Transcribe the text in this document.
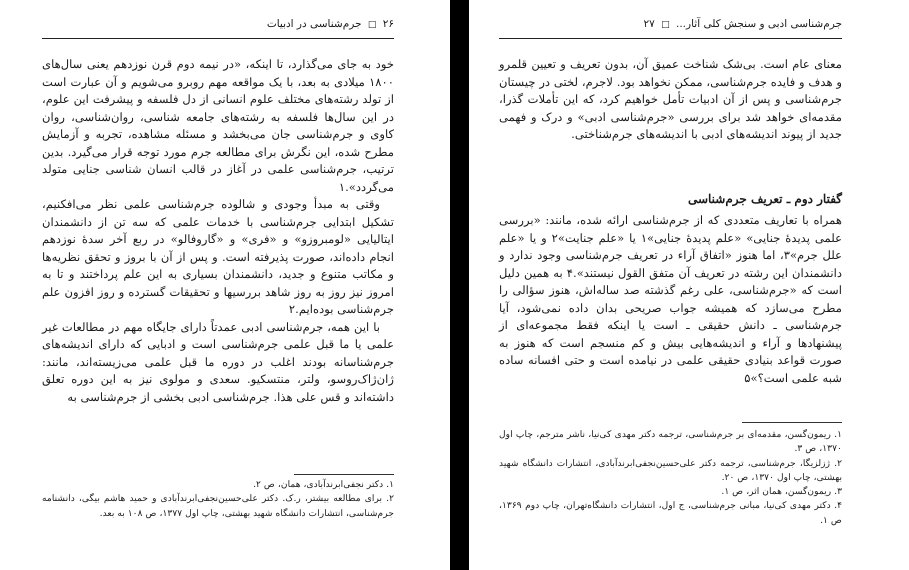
۲۶ □ جرم‌شناسی در ادبیات

خود به جای می‌گذارد، تا اینکه، «در نیمه دوم قرن نوزدهم یعنی سال‌های ۱۸۰۰ میلادی به بعد، با یک مواقعه مهم روبرو می‌شویم و آن عبارت است از تولد رشته‌های مختلف علوم انسانی از دل فلسفه و پیشرفت این علوم، در این سال‌ها فلسفه به رشته‌های جامعه شناسی، روان‌شناسی، روان کاوی و جرم‌شناسی جان می‌بخشد و مسئله مشاهده، تجربه و آزمایش مطرح شده، این نگرش برای مطالعه جرم مورد توجه قرار می‌گیرد. بدین ترتیب، جرم‌شناسی علمی در آغاز در قالب انسان شناسی جنایی متولد می‌گردد».۱

وقتی به مبدأ وجودی و شالوده جرم‌شناسی علمی نظر می‌افکنیم، تشکیل ابتدایی جرم‌شناسی با خدمات علمی که سه تن از دانشمندان ایتالیایی «لومبروزو» و «فری» و «گاروفالو» در ربع آخر سدهٔ نوزدهم انجام داده‌اند، صورت پذیرفته است. و پس از آن با بروز و تحقق نظریه‌ها و مکاتب متنوع و جدید، دانشمندان بسیاری به این علم پرداختند و تا به امروز نیز روز به روز شاهد بررسیها و تحقیقات گسترده و روز افزون علم جرم‌شناسی بوده‌ایم.۲

با این همه، جرم‌شناسی ادبی عمدتاً دارای جایگاه مهم در مطالعات غیر علمی یا ما قبل علمی جرم‌شناسی است و ادبایی که دارای اندیشه‌های جرم‌شناسانه بودند اغلب در دوره ما قبل علمی می‌زیسته‌اند، مانند: ژان‌ژاک‌روسو، ولتر، منتسکیو. سعدی و مولوی نیز به این دوره تعلق داشته‌اند و قس علی هذا. جرم‌شناسی ادبی بخشی از جرم‌شناسی به

۱. دکتر نجفی‌ابرندآبادی، همان، ص ۲.
۲. برای مطالعه بیشتر، ر.ک. دکتر علی‌حسین‌نجفی‌ابرندآبادی و حمید هاشم بیگی، دانشنامه جرم‌شناسی، انتشارات دانشگاه شهید بهشتی، چاپ اول ۱۳۷۷، ص ۱۰۸ به بعد.
جرم‌شناسی ادبی و سنجش کلی آثار... □ ۲۷

معنای عام است. بی‌شک شناخت عمیق آن، بدون تعریف و تعیین قلمرو و هدف و فایده جرم‌شناسی، ممکن نخواهد بود. لاجرم، لختی در چیستان جرم‌شناسی و پس از آن ادبیات تأمل خواهیم کرد، که این تأملات گذرا، مقدمه‌ای خواهد شد برای بررسی «جرم‌شناسی ادبی» و درک و فهمی جدید از پیوند اندیشه‌های ادبی با اندیشه‌های جرم‌شناختی.

گفتار دوم ـ تعریف جرم‌شناسی

همراه با تعاریف متعددی که از جرم‌شناسی ارائه شده، مانند: «بررسی علمی پدیدهٔ جنایی» «علم پدیدهٔ جنایی»۱ یا «علم جنایت»۲ و یا «علم علل جرم»۳، اما هنوز «اتفاق آراء در تعریف جرم‌شناسی وجود ندارد و دانشمندان این رشته در تعریف آن متفق القول نیستند».۴ به همین دلیل است که «جرم‌شناسی، علی رغم گذشته صد ساله‌اش، هنوز سؤالی را مطرح می‌سازد که همیشه جواب صریحی بدان داده نمی‌شود، آیا جرم‌شناسی ـ دانش حقیقی ـ است یا اینکه فقط مجموعه‌ای از پیشنهادها و آراء و اندیشه‌هایی بیش و کم منسجم است که هنوز به صورت قواعد بنیادی حقیقی علمی در نیامده است و حتی افسانه ساده شبه علمی است؟»۵

۱. ریمون‌گسن، مقدمه‌ای بر جرم‌شناسی، ترجمه دکتر مهدی کی‌نیا، ناشر مترجم، چاپ اول ۱۳۷۰، ص ۳.
۲. ژزلزیگا، جرم‌شناسی، ترجمه دکتر علی‌حسین‌نجفی‌ابرندآبادی، انتشارات دانشگاه شهید بهشتی، چاپ اول ۱۳۷۰، ص ۲۰.
۳. ریمون‌گسن، همان اثر، ص ۱.
۴. دکتر مهدی کی‌نیا، مبانی جرم‌شناسی، ج اول، انتشارات دانشگاه‌تهران، چاپ دوم ۱۳۶۹، ص ۱.
